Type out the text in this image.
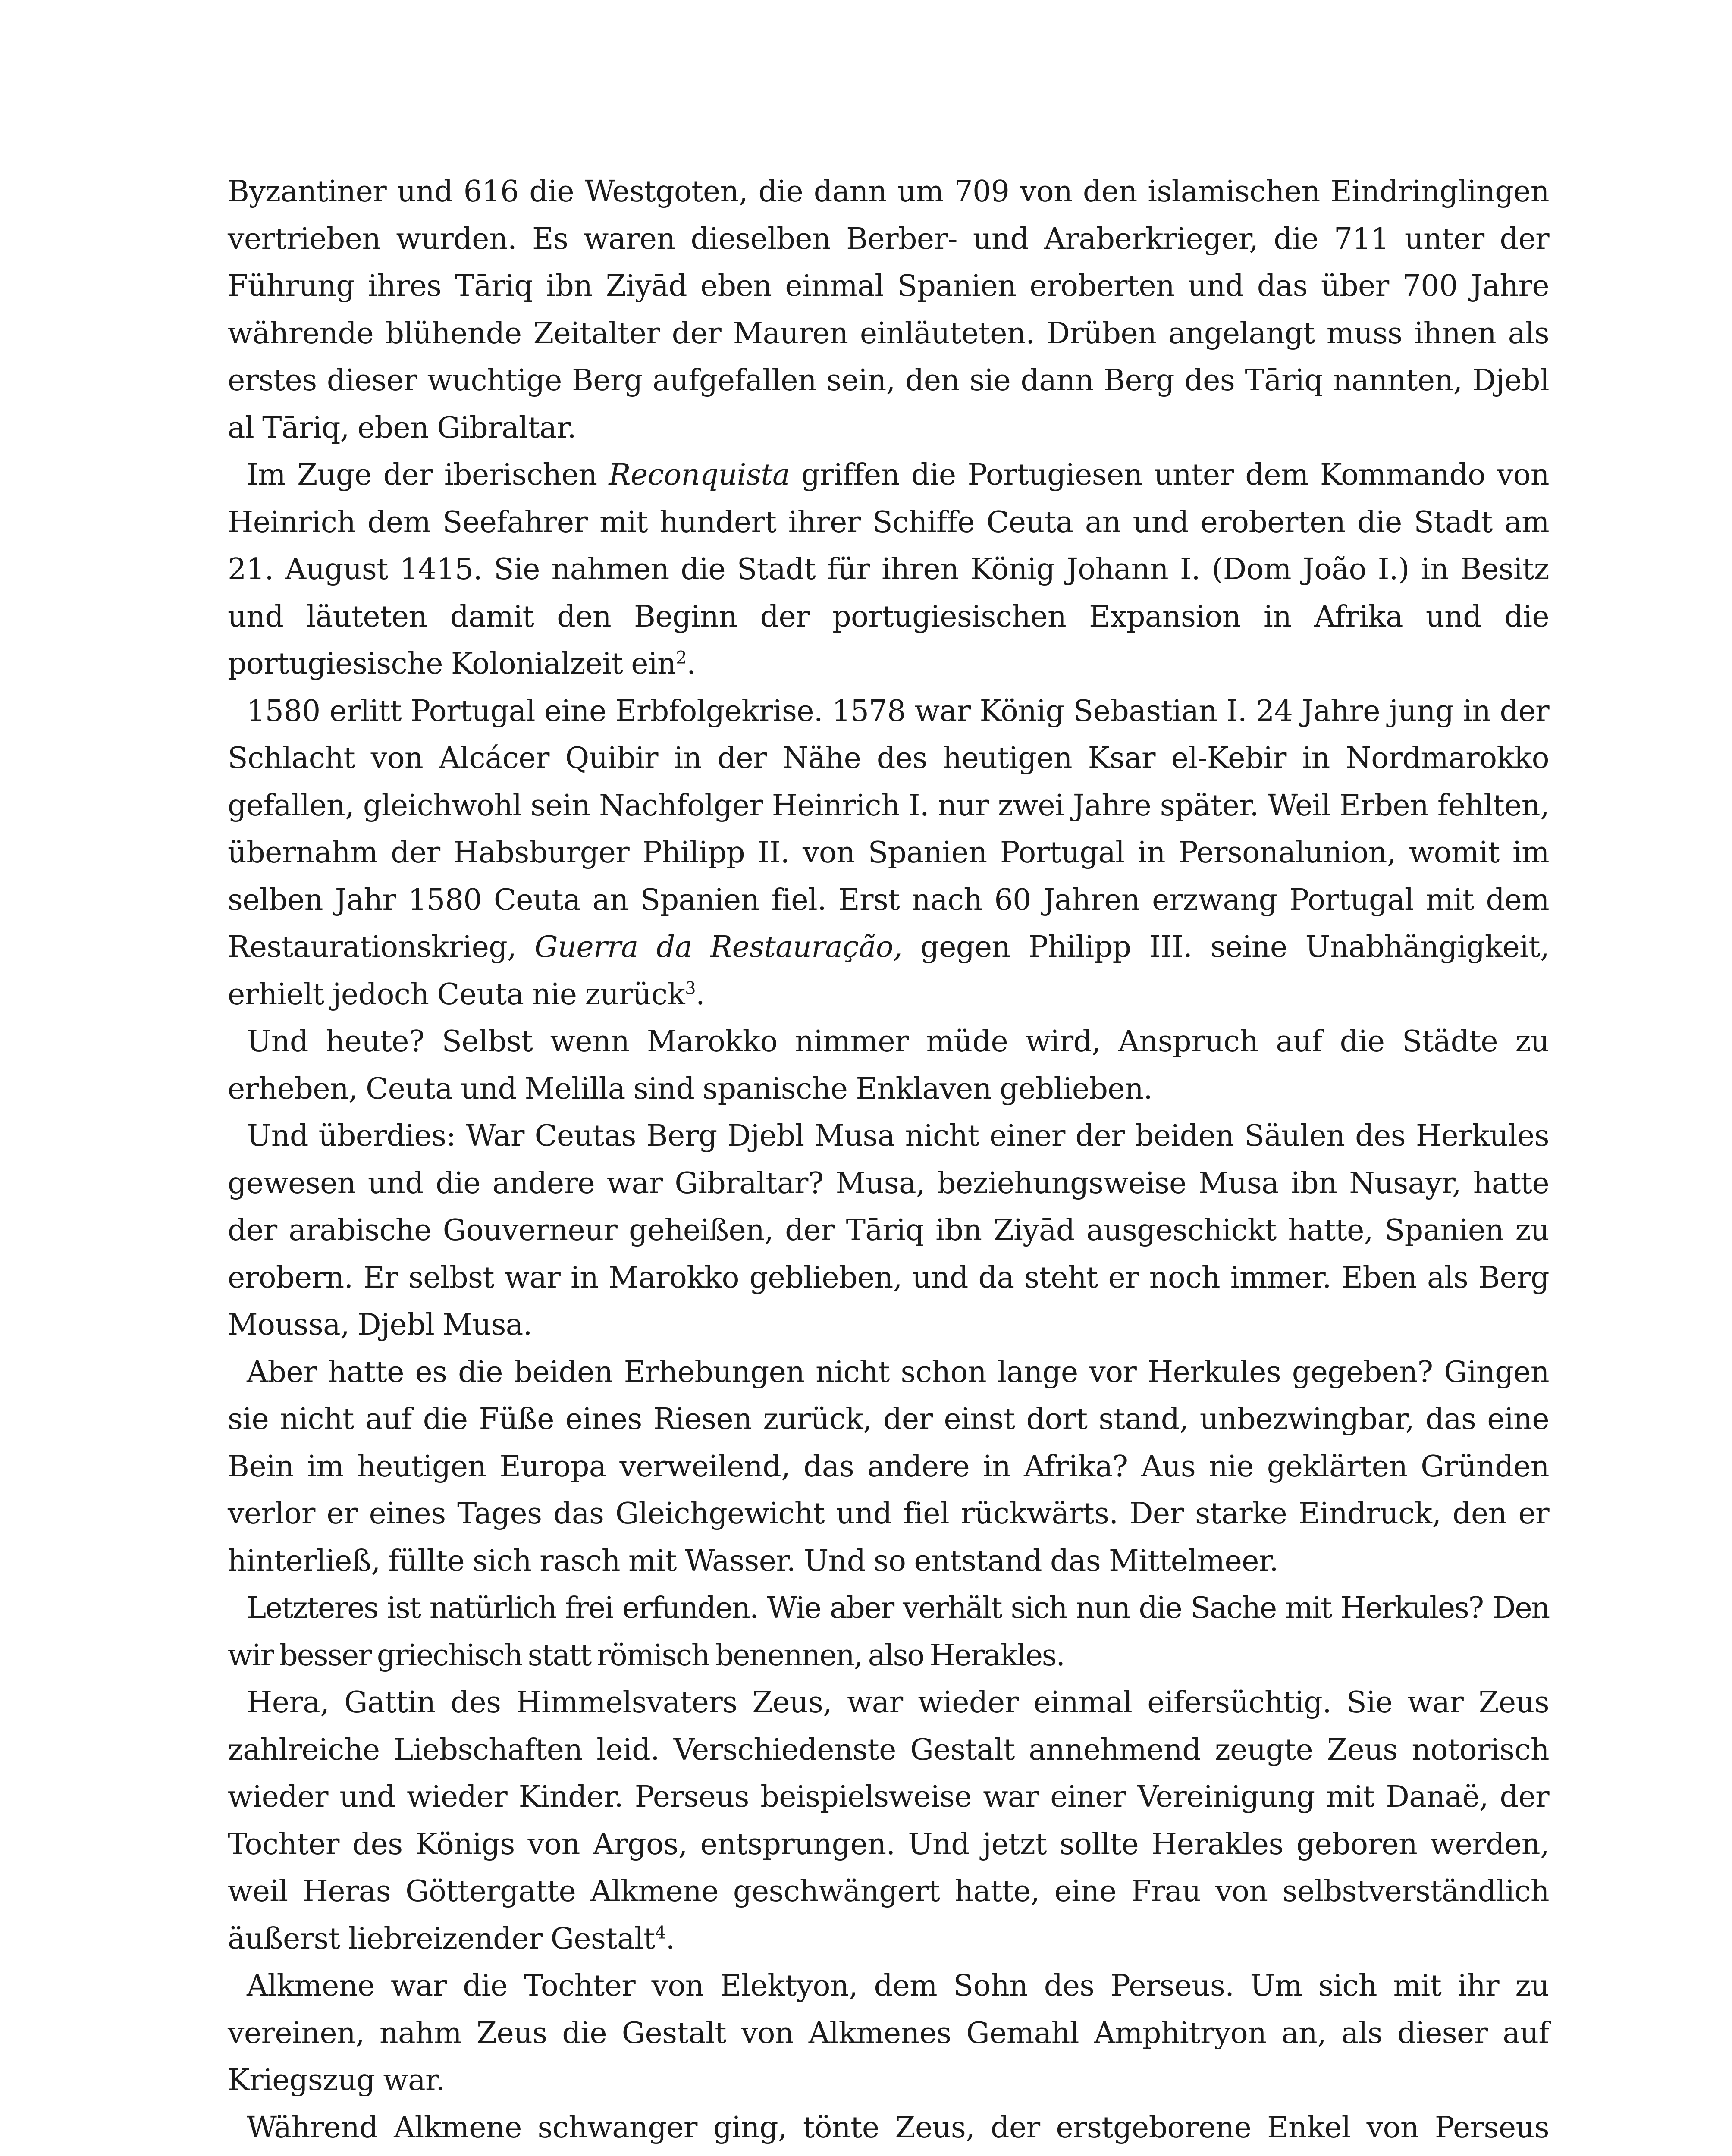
Byzantiner und 616 die Westgoten, die dann um 709 von den islamischen Eindringlingen vertrieben wurden. Es waren dieselben Berber- und Araberkrieger, die 711 unter der Führung ihres Tāriq ibn Ziyād eben einmal Spanien eroberten und das über 700 Jahre währende blühende Zeitalter der Mauren einläuteten. Drüben angelangt muss ihnen als erstes dieser wuchtige Berg aufgefallen sein, den sie dann Berg des Tāriq nannten, Djebl al Tāriq, eben Gibraltar.

Im Zuge der iberischen Reconquista griffen die Portugiesen unter dem Kommando von Heinrich dem Seefahrer mit hundert ihrer Schiffe Ceuta an und eroberten die Stadt am 21. August 1415. Sie nahmen die Stadt für ihren König Johann I. (Dom João I.) in Besitz und läuteten damit den Beginn der portugiesischen Expansion in Afrika und die portugiesische Kolonialzeit ein$^2$.

1580 erlitt Portugal eine Erbfolgekrise. 1578 war König Sebastian I. 24 Jahre jung in der Schlacht von Alcácer Quibir in der Nähe des heutigen Ksar el-Kebir in Nordmarokko gefallen, gleichwohl sein Nachfolger Heinrich I. nur zwei Jahre später. Weil Erben fehlten, übernahm der Habsburger Philipp II. von Spanien Portugal in Personalunion, womit im selben Jahr 1580 Ceuta an Spanien fiel. Erst nach 60 Jahren erzwang Portugal mit dem Restaurationskrieg, Guerra da Restauração, gegen Philipp III. seine Unabhängigkeit, erhielt jedoch Ceuta nie zurück$^3$.

Und heute? Selbst wenn Marokko nimmer müde wird, Anspruch auf die Städte zu erheben, Ceuta und Melilla sind spanische Enklaven geblieben.

Und überdies: War Ceutas Berg Djebl Musa nicht einer der beiden Säulen des Herkules gewesen und die andere war Gibraltar? Musa, beziehungsweise Musa ibn Nusayr, hatte der arabische Gouverneur geheißen, der Tāriq ibn Ziyād ausgeschickt hatte, Spanien zu erobern. Er selbst war in Marokko geblieben, und da steht er noch immer. Eben als Berg Moussa, Djebl Musa.

Aber hatte es die beiden Erhebungen nicht schon lange vor Herkules gegeben? Gingen sie nicht auf die Füße eines Riesen zurück, der einst dort stand, unbezwingbar, das eine Bein im heutigen Europa verweilend, das andere in Afrika? Aus nie geklärten Gründen verlor er eines Tages das Gleichgewicht und fiel rückwärts. Der starke Eindruck, den er hinterließ, füllte sich rasch mit Wasser. Und so entstand das Mittelmeer.

Letzteres ist natürlich frei erfunden. Wie aber verhält sich nun die Sache mit Herkules? Den wir besser griechisch statt römisch benennen, also Herakles.

Hera, Gattin des Himmelsvaters Zeus, war wieder einmal eifersüchtig. Sie war Zeus zahlreiche Liebschaften leid. Verschiedenste Gestalt annehmend zeugte Zeus notorisch wieder und wieder Kinder. Perseus beispielsweise war einer Vereinigung mit Danaë, der Tochter des Königs von Argos, entsprungen. Und jetzt sollte Herakles geboren werden, weil Heras Göttergatte Alkmene geschwängert hatte, eine Frau von selbstverständlich äußerst liebreizender Gestalt$^4$.

Alkmene war die Tochter von Elektyon, dem Sohn des Perseus. Um sich mit ihr zu vereinen, nahm Zeus die Gestalt von Alkmenes Gemahl Amphitryon an, als dieser auf Kriegszug war.

Während Alkmene schwanger ging, tönte Zeus, der erstgeborene Enkel von Perseus
